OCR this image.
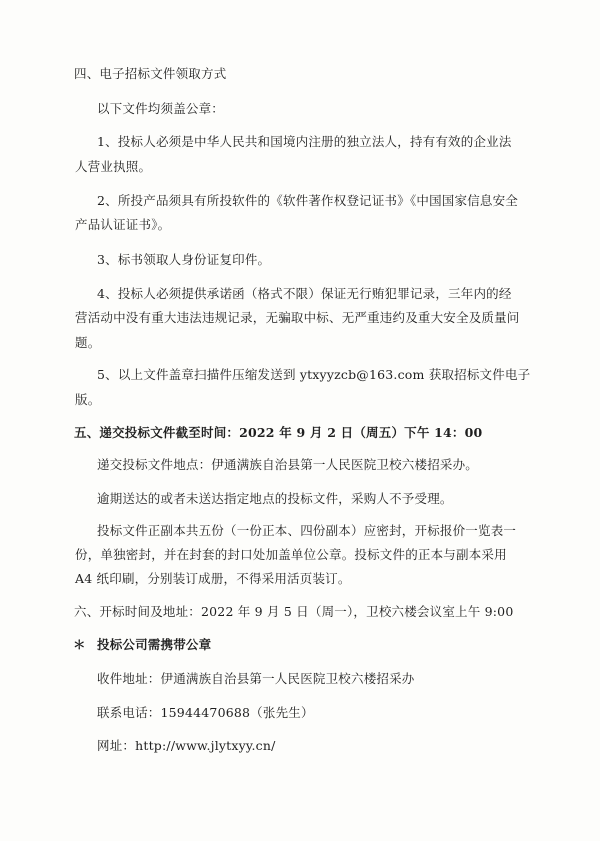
四、电子招标文件领取方式
以下文件均须盖公章：
1、投标人必须是中华人民共和国境内注册的独立法人，持有有效的企业法
人营业执照。
2、所投产品须具有所投软件的《软件著作权登记证书》《中国国家信息安全
产品认证证书》。
3、标书领取人身份证复印件。
4、投标人必须提供承诺函（格式不限）保证无行贿犯罪记录，三年内的经
营活动中没有重大违法违规记录，无骗取中标、无严重违约及重大安全及质量问
题。
5、以上文件盖章扫描件压缩发送到 ytxyyzcb@163.com 获取招标文件电子
版。
五、递交投标文件截至时间：2022 年 9 月 2 日（周五）下午 14：00
递交投标文件地点：伊通满族自治县第一人民医院卫校六楼招采办。
逾期送达的或者未送达指定地点的投标文件，采购人不予受理。
投标文件正副本共五份（一份正本、四份副本）应密封，开标报价一览表一
份，单独密封，并在封套的封口处加盖单位公章。投标文件的正本与副本采用
A4 纸印刷，分别装订成册，不得采用活页装订。
六、开标时间及地址：2022 年 9 月 5 日（周一），卫校六楼会议室上午 9:00
＊ 投标公司需携带公章
收件地址：伊通满族自治县第一人民医院卫校六楼招采办
联系电话：15944470688（张先生）
网址：http://www.jlytxyy.cn/
